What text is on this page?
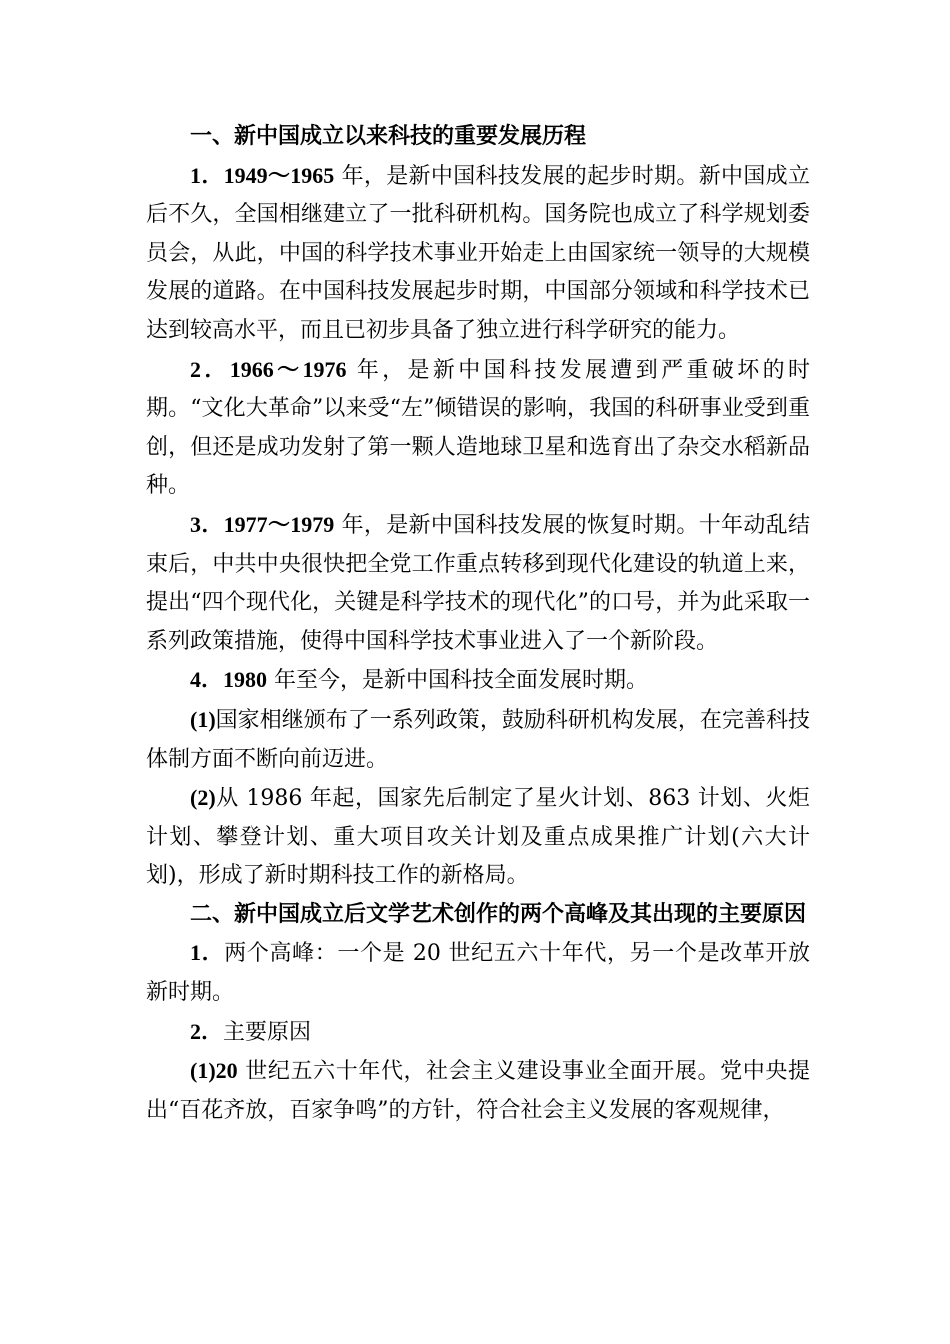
一、新中国成立以来科技的重要发展历程

1．1949～1965 年，是新中国科技发展的起步时期。新中国成立后不久，全国相继建立了一批科研机构。国务院也成立了科学规划委员会，从此，中国的科学技术事业开始走上由国家统一领导的大规模发展的道路。在中国科技发展起步时期，中国部分领域和科学技术已达到较高水平，而且已初步具备了独立进行科学研究的能力。

2．1966～1976 年，是新中国科技发展遭到严重破坏的时期。“文化大革命”以来受“左”倾错误的影响，我国的科研事业受到重创，但还是成功发射了第一颗人造地球卫星和选育出了杂交水稻新品种。

3．1977～1979 年，是新中国科技发展的恢复时期。十年动乱结束后，中共中央很快把全党工作重点转移到现代化建设的轨道上来，提出“四个现代化，关键是科学技术的现代化”的口号，并为此采取一系列政策措施，使得中国科学技术事业进入了一个新阶段。

4．1980 年至今，是新中国科技全面发展时期。

(1)国家相继颁布了一系列政策，鼓励科研机构发展，在完善科技体制方面不断向前迈进。

(2)从 1986 年起，国家先后制定了星火计划、863 计划、火炬计划、攀登计划、重大项目攻关计划及重点成果推广计划(六大计划)，形成了新时期科技工作的新格局。

二、新中国成立后文学艺术创作的两个高峰及其出现的主要原因

1．两个高峰：一个是 20 世纪五六十年代，另一个是改革开放新时期。

2．主要原因

(1)20 世纪五六十年代，社会主义建设事业全面开展。党中央提出“百花齐放，百家争鸣”的方针，符合社会主义发展的客观规律，
